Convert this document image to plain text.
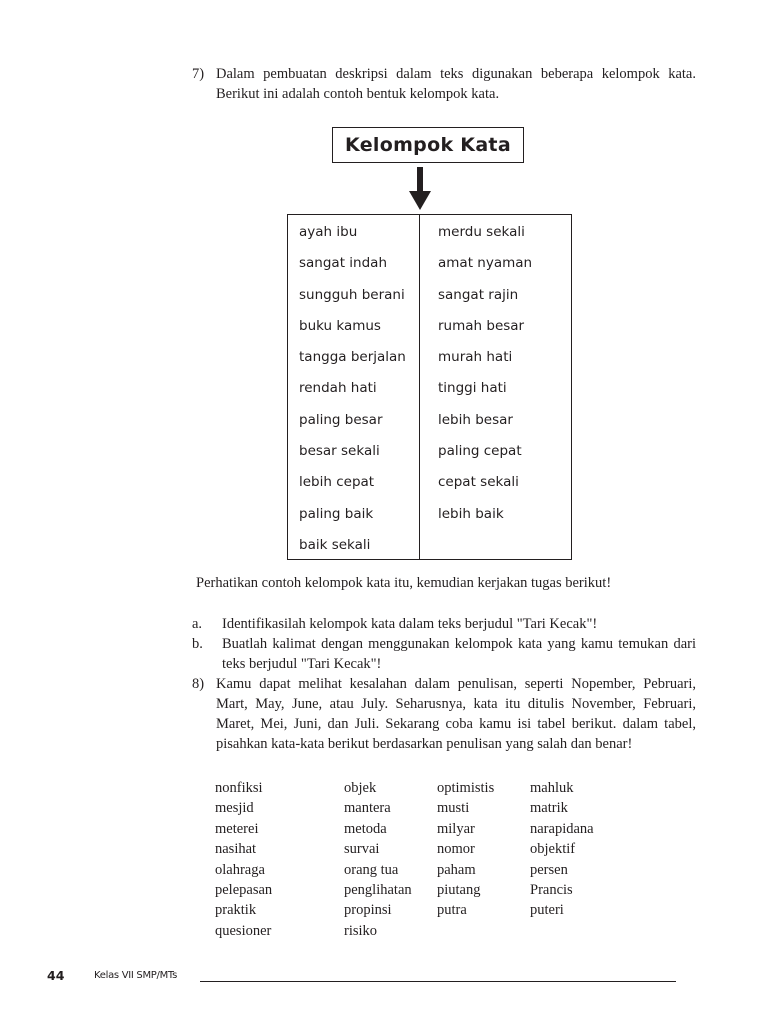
7) Dalam pembuatan deskripsi dalam teks digunakan beberapa kelompok kata. Berikut ini adalah contoh bentuk kelompok kata.
Kelompok Kata
ayah ibu
sangat indah
sungguh berani
buku kamus
tangga berjalan
rendah hati
paling besar
besar sekali
lebih cepat
paling baik
baik sekali
merdu sekali
amat nyaman
sangat rajin
rumah besar
murah hati
tinggi hati
lebih besar
paling cepat
cepat sekali
lebih baik
Perhatikan contoh kelompok kata itu, kemudian kerjakan tugas berikut!
a. Identifikasilah kelompok kata dalam teks berjudul "Tari Kecak"!
b. Buatlah kalimat dengan menggunakan kelompok kata yang kamu temukan dari teks berjudul "Tari Kecak"!
8) Kamu dapat melihat kesalahan dalam penulisan, seperti Nopember, Pebruari, Mart, May, June, atau July. Seharusnya, kata itu ditulis November, Februari, Maret, Mei, Juni, dan Juli. Sekarang coba kamu isi tabel berikut. dalam tabel, pisahkan kata-kata berikut berdasarkan penulisan yang salah dan benar!
nonfiksi
mesjid
meterei
nasihat
olahraga
pelepasan
praktik
quesioner
objek
mantera
metoda
survai
orang tua
penglihatan
propinsi
risiko
optimistis
musti
milyar
nomor
paham
piutang
putra
mahluk
matrik
narapidana
objektif
persen
Prancis
puteri
44	Kelas VII SMP/MTs
